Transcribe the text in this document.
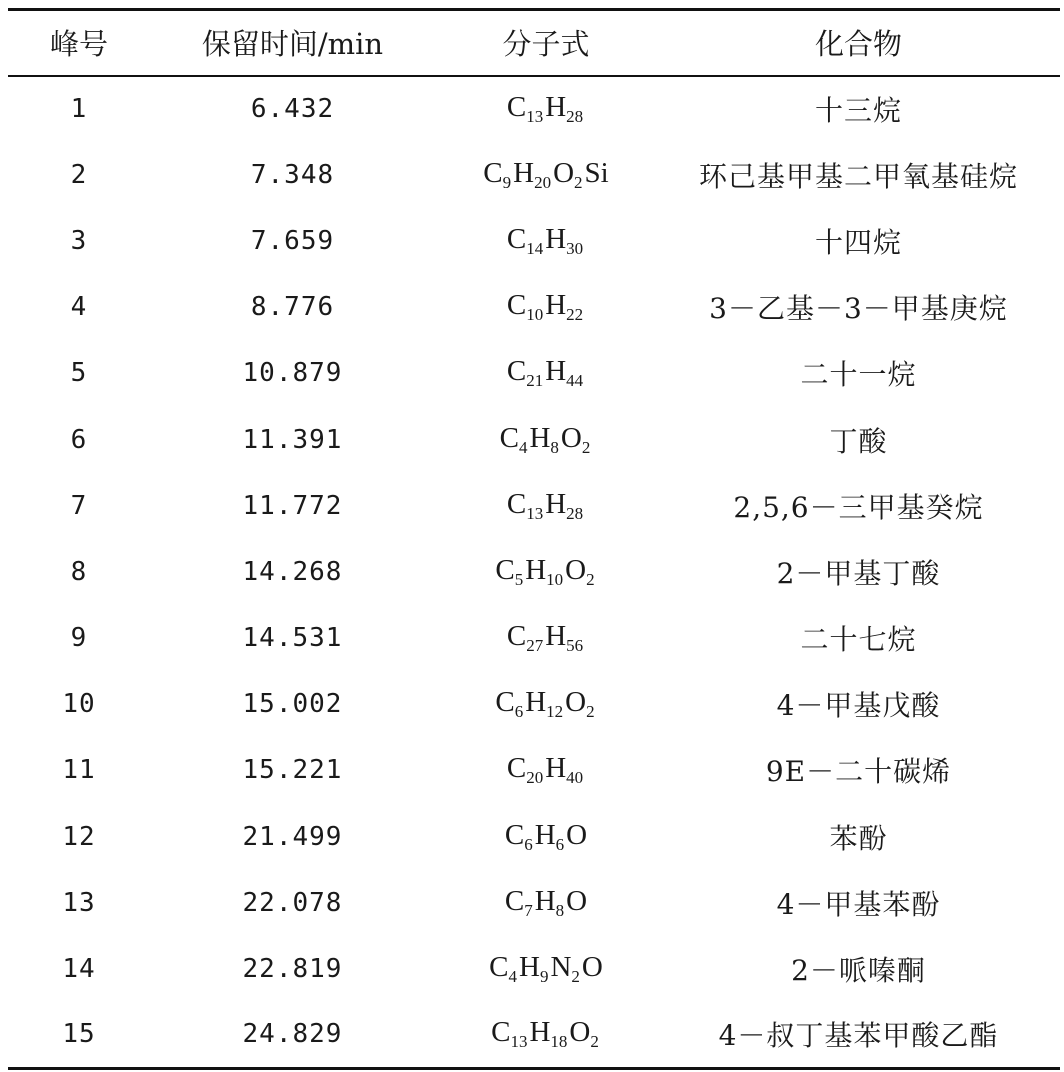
峰号	保留时间/min	分子式	化合物
1	6.432	$C_{13}H_{28}$	十三烷
2	7.348	$C_9H_{20}O_2Si$	环己基甲基二甲氧基硅烷
3	7.659	$C_{14}H_{30}$	十四烷
4	8.776	$C_{10}H_{22}$	3－乙基－3－甲基庚烷
5	10.879	$C_{21}H_{44}$	二十一烷
6	11.391	$C_4H_8O_2$	丁酸
7	11.772	$C_{13}H_{28}$	2,5,6－三甲基癸烷
8	14.268	$C_5H_{10}O_2$	2－甲基丁酸
9	14.531	$C_{27}H_{56}$	二十七烷
10	15.002	$C_6H_{12}O_2$	4－甲基戊酸
11	15.221	$C_{20}H_{40}$	9E－二十碳烯
12	21.499	$C_6H_6O$	苯酚
13	22.078	$C_7H_8O$	4－甲基苯酚
14	22.819	$C_4H_9N_2O$	2－哌嗪酮
15	24.829	$C_{13}H_{18}O_2$	4－叔丁基苯甲酸乙酯
